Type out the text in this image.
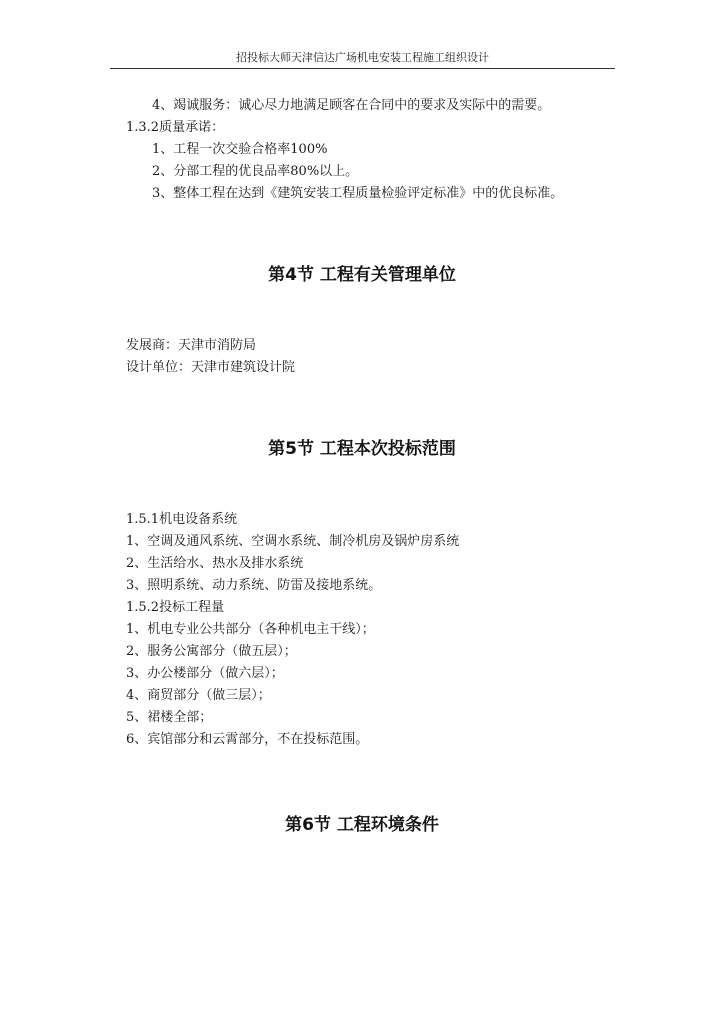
招投标大师天津信达广场机电安装工程施工组织设计
4、竭诚服务：诚心尽力地满足顾客在合同中的要求及实际中的需要。
1.3.2质量承诺：
1、工程一次交验合格率100%
2、分部工程的优良品率80%以上。
3、整体工程在达到《建筑安装工程质量检验评定标准》中的优良标准。
第4节 工程有关管理单位
发展商：天津市消防局
设计单位：天津市建筑设计院
第5节 工程本次投标范围
1.5.1机电设备系统
1、空调及通风系统、空调水系统、制冷机房及锅炉房系统
2、生活给水、热水及排水系统
3、照明系统、动力系统、防雷及接地系统。
1.5.2投标工程量
1、机电专业公共部分（各种机电主干线）；
2、服务公寓部分（做五层）；
3、办公楼部分（做六层）；
4、商贸部分（做三层）；
5、裙楼全部；
6、宾馆部分和云霄部分，不在投标范围。
第6节 工程环境条件
